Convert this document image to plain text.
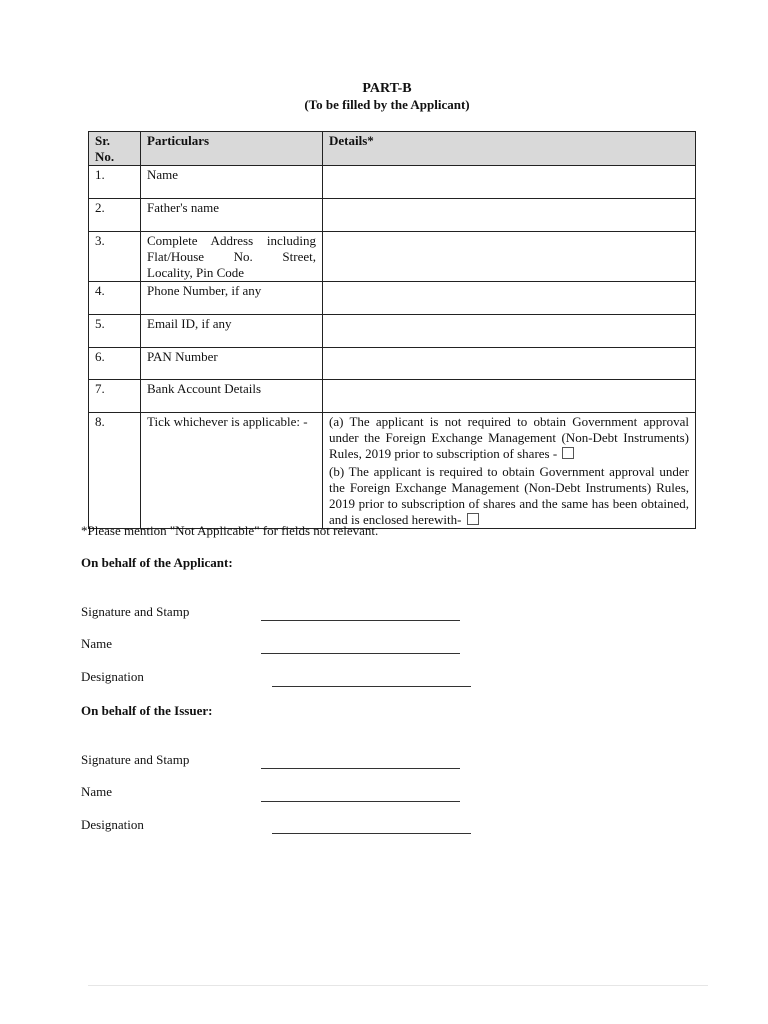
PART-B
(To be filled by the Applicant)
Sr.
No.	Particulars	Details*
1.	Name	
2.	Father's name	
3.	Complete Address including
Flat/House No. Street,
Locality, Pin Code	

4.	Phone Number, if any	
5.	Email ID, if any	
6.	PAN Number	
7.	Bank Account Details	
8.	Tick whichever is applicable: -	(a) The applicant is not required to obtain Government approval under the Foreign Exchange Management (Non-Debt Instruments) Rules, 2019 prior to subscription of shares -
(b) The applicant is required to obtain Government approval under the Foreign Exchange Management (Non-Debt Instruments) Rules, 2019 prior to subscription of shares and the same has been obtained, and is enclosed herewith-
*Please mention "Not Applicable" for fields not relevant.
On behalf of the Applicant:
Signature and Stamp
Name
Designation
On behalf of the Issuer:
Signature and Stamp
Name
Designation
